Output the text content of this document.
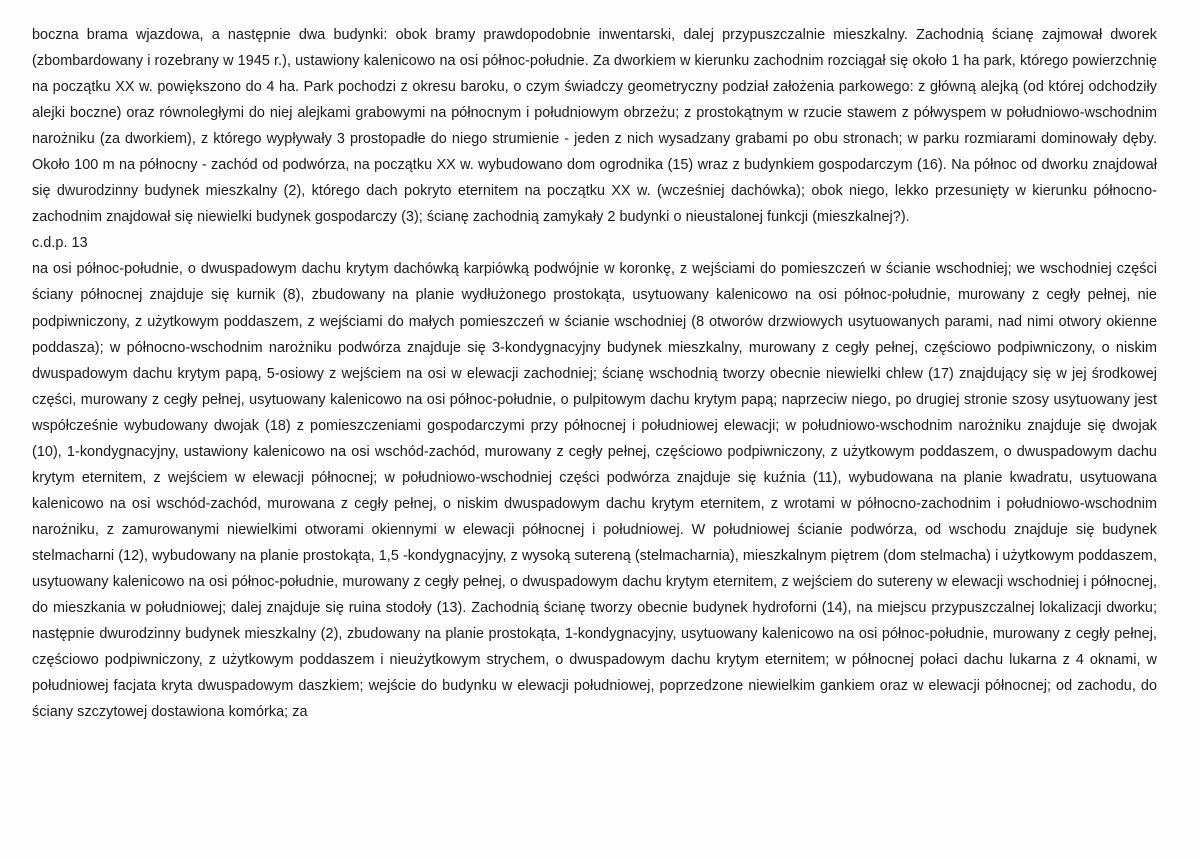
boczna brama wjazdowa, a następnie dwa budynki: obok bramy prawdopodobnie inwentarski, dalej przypuszczalnie mieszkalny. Zachodnią ścianę zajmował dworek (zbombardowany i rozebrany w 1945 r.), ustawiony kalenicowo na osi północ-południe. Za dworkiem w kierunku zachodnim rozciągał się około 1 ha park, którego powierzchnię na początku XX w. powiększono do 4 ha. Park pochodzi z okresu baroku, o czym świadczy geometryczny podział założenia parkowego: z główną alejką (od której odchodziły alejki boczne) oraz równoległymi do niej alejkami grabowymi na północnym i południowym obrzeżu; z prostokątnym w rzucie stawem z półwyspem w południowo-wschodnim narożniku (za dworkiem), z którego wypływały 3 prostopadłe do niego strumienie - jeden z nich wysadzany grabami po obu stronach; w parku rozmiarami dominowały dęby. Około 100 m na północny - zachód od podwórza, na początku XX w. wybudowano dom ogrodnika (15) wraz z budynkiem gospodarczym (16). Na północ od dworku znajdował się dwurodzinny budynek mieszkalny (2), którego dach pokryto eternitem na początku XX w. (wcześniej dachówka); obok niego, lekko przesunięty w kierunku północno-zachodnim znajdował się niewielki budynek gospodarczy (3); ścianę zachodnią zamykały 2 budynki o nieustalonej funkcji (mieszkalnej?).

c.d.p. 13

na osi północ-południe, o dwuspadowym dachu krytym dachówką karpiówką podwójnie w koronkę, z wejściami do pomieszczeń w ścianie wschodniej; we wschodniej części ściany północnej znajduje się kurnik (8), zbudowany na planie wydłużonego prostokąta, usytuowany kalenicowo na osi północ-południe, murowany z cegły pełnej, nie podpiwniczony, z użytkowym poddaszem, z wejściami do małych pomieszczeń w ścianie wschodniej (8 otworów drzwiowych usytuowanych parami, nad nimi otwory okienne poddasza); w północno-wschodnim narożniku podwórza znajduje się 3-kondygnacyjny budynek mieszkalny, murowany z cegły pełnej, częściowo podpiwniczony, o niskim dwuspadowym dachu krytym papą, 5-osiowy z wejściem na osi w elewacji zachodniej; ścianę wschodnią tworzy obecnie niewielki chlew (17) znajdujący się w jej środkowej części, murowany z cegły pełnej, usytuowany kalenicowo na osi północ-południe, o pulpitowym dachu krytym papą; naprzeciw niego, po drugiej stronie szosy usytuowany jest współcześnie wybudowany dwojak (18) z pomieszczeniami gospodarczymi przy północnej i południowej elewacji; w południowo-wschodnim narożniku znajduje się dwojak (10), 1-kondygnacyjny, ustawiony kalenicowo na osi wschód-zachód, murowany z cegły pełnej, częściowo podpiwniczony, z użytkowym poddaszem, o dwuspadowym dachu krytym eternitem, z wejściem w elewacji północnej; w południowo-wschodniej części podwórza znajduje się kuźnia (11), wybudowana na planie kwadratu, usytuowana kalenicowo na osi wschód-zachód, murowana z cegły pełnej, o niskim dwuspadowym dachu krytym eternitem, z wrotami w północno-zachodnim i południowo-wschodnim narożniku, z zamurowanymi niewielkimi otworami okiennymi w elewacji północnej i południowej. W południowej ścianie podwórza, od wschodu znajduje się budynek stelmacharni (12), wybudowany na planie prostokąta, 1,5 -kondygnacyjny, z wysoką sutereną (stelmacharnia), mieszkalnym piętrem (dom stelmacha) i użytkowym poddaszem, usytuowany kalenicowo na osi północ-południe, murowany z cegły pełnej, o dwuspadowym dachu krytym eternitem, z wejściem do sutereny w elewacji wschodniej i północnej, do mieszkania w południowej; dalej znajduje się ruina stodoły (13). Zachodnią ścianę tworzy obecnie budynek hydroforni (14), na miejscu przypuszczalnej lokalizacji dworku; następnie dwurodzinny budynek mieszkalny (2), zbudowany na planie prostokąta, 1-kondygnacyjny, usytuowany kalenicowo na osi północ-południe, murowany z cegły pełnej, częściowo podpiwniczony, z użytkowym poddaszem i nieużytkowym strychem, o dwuspadowym dachu krytym eternitem; w północnej połaci dachu lukarna z 4 oknami, w południowej facjata kryta dwuspadowym daszkiem; wejście do budynku w elewacji południowej, poprzedzone niewielkim gankiem oraz w elewacji północnej; od zachodu, do ściany szczytowej dostawiona komórka; za
